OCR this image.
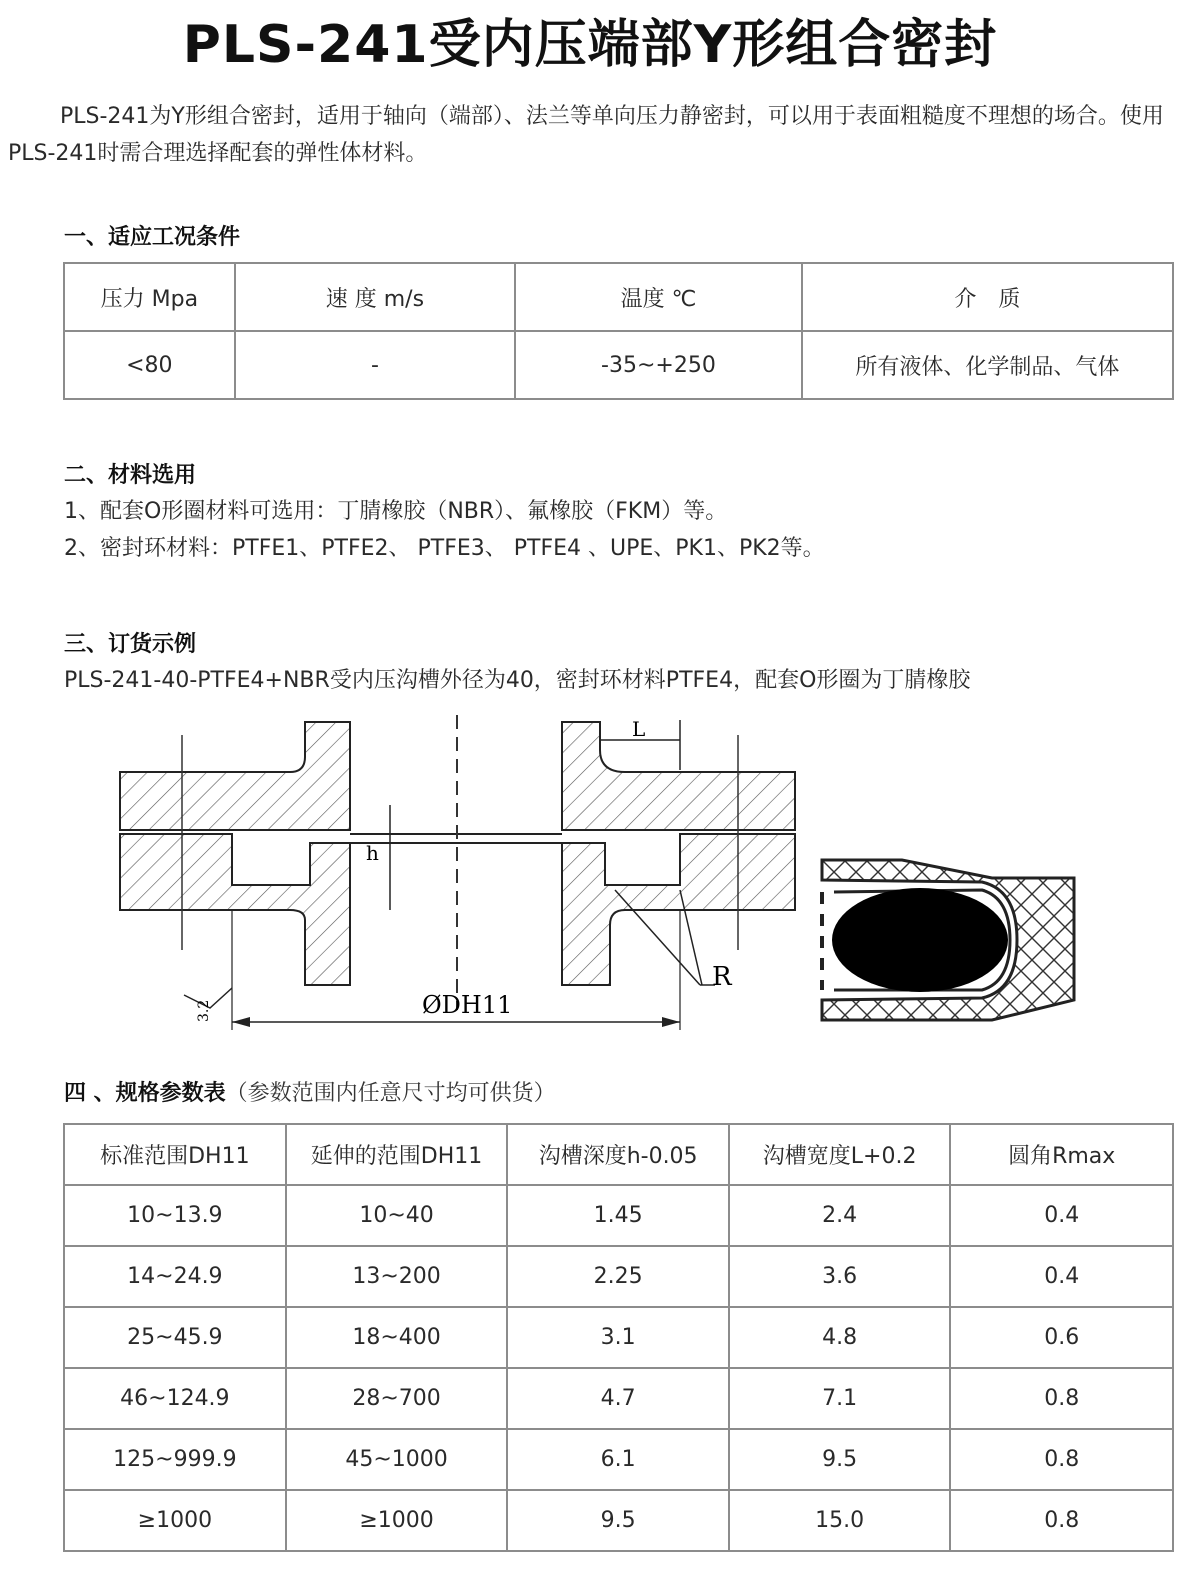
PLS-241受内压端部Y形组合密封
PLS-241为Y形组合密封，适用于轴向（端部）、法兰等单向压力静密封，可以用于表面粗糙度不理想的场合。使用PLS-241时需合理选择配套的弹性体材料。
一、适应工况条件
压力 Mpa	速 度 m/s	温度 ℃	介　质
<80	-	-35~+250	所有液体、化学制品、气体
二、材料选用
1、配套O形圈材料可选用：丁腈橡胶（NBR）、氟橡胶（FKM）等。
2、密封环材料：PTFE1、PTFE2、 PTFE3、 PTFE4 、UPE、PK1、PK2等。
三、订货示例
PLS-241-40-PTFE4+NBR受内压沟槽外径为40，密封环材料PTFE4，配套O形圈为丁腈橡胶
h
L
R
ØDH11
3.2
四 、规格参数表（参数范围内任意尺寸均可供货）
标准范围DH11	延伸的范围DH11	沟槽深度h-0.05	沟槽宽度L+0.2	圆角Rmax
10~13.9	10~40	1.45	2.4	0.4
14~24.9	13~200	2.25	3.6	0.4
25~45.9	18~400	3.1	4.8	0.6
46~124.9	28~700	4.7	7.1	0.8
125~999.9	45~1000	6.1	9.5	0.8
≥1000	≥1000	9.5	15.0	0.8
